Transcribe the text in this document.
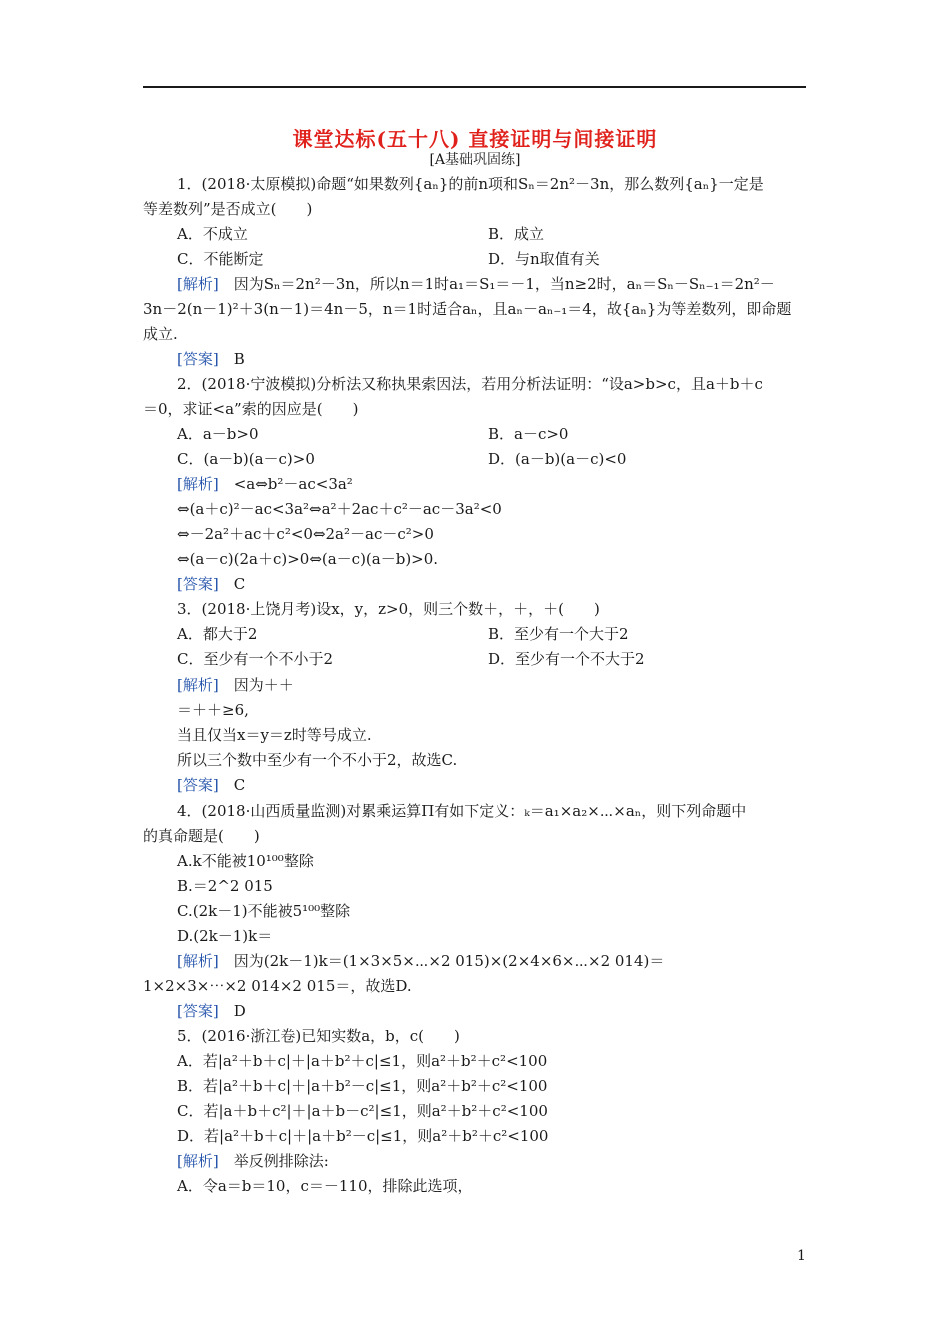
课堂达标(五十八) 直接证明与间接证明
[A基础巩固练]
1．(2018·太原模拟)命题“如果数列{aₙ}的前n项和Sₙ＝2n²－3n，那么数列{aₙ}一定是
等差数列”是否成立(　　)
A．不成立	B．成立
C．不能断定	D．与n取值有关
[解析]　因为Sₙ＝2n²－3n，所以n＝1时a₁＝S₁＝－1，当n≥2时，aₙ＝Sₙ－Sₙ₋₁＝2n²－
3n－2(n－1)²＋3(n－1)＝4n－5，n＝1时适合aₙ，且aₙ－aₙ₋₁＝4，故{aₙ}为等差数列，即命题
成立.
[答案]　B
2．(2018·宁波模拟)分析法又称执果索因法，若用分析法证明：“设a>b>c，且a＋b＋c
＝0，求证<a”索的因应是(　　)
A．a－b>0	B．a－c>0
C．(a－b)(a－c)>0	D．(a－b)(a－c)<0
[解析]　<a⇔b²－ac<3a²
⇔(a＋c)²－ac<3a²⇔a²＋2ac＋c²－ac－3a²<0
⇔－2a²＋ac＋c²<0⇔2a²－ac－c²>0
⇔(a－c)(2a＋c)>0⇔(a－c)(a－b)>0.
[答案]　C
3．(2018·上饶月考)设x，y，z>0，则三个数＋，＋，＋(　　)
A．都大于2	B．至少有一个大于2
C．至少有一个不小于2	D．至少有一个不大于2
[解析]　因为＋＋
＝＋＋≥6,
当且仅当x＝y＝z时等号成立.
所以三个数中至少有一个不小于2，故选C.
[答案]　C
4．(2018·山西质量监测)对累乘运算Π有如下定义：ₖ＝a₁×a₂×⋯×aₙ，则下列命题中
的真命题是(　　)
A.k不能被10¹⁰⁰整除
B.＝2^2 015
C.(2k－1)不能被5¹⁰⁰整除
D.(2k－1)k＝
[解析]　因为(2k－1)k＝(1×3×5×⋯×2 015)×(2×4×6×⋯×2 014)＝
1×2×3×⋯×2 014×2 015＝，故选D.
[答案]　D
5．(2016·浙江卷)已知实数a，b，c(　　)
A．若|a²＋b＋c|＋|a＋b²＋c|≤1，则a²＋b²＋c²<100
B．若|a²＋b＋c|＋|a＋b²－c|≤1，则a²＋b²＋c²<100
C．若|a＋b＋c²|＋|a＋b－c²|≤1，则a²＋b²＋c²<100
D．若|a²＋b＋c|＋|a＋b²－c|≤1，则a²＋b²＋c²<100
[解析]　举反例排除法:
A．令a＝b＝10，c＝－110，排除此选项，
1
